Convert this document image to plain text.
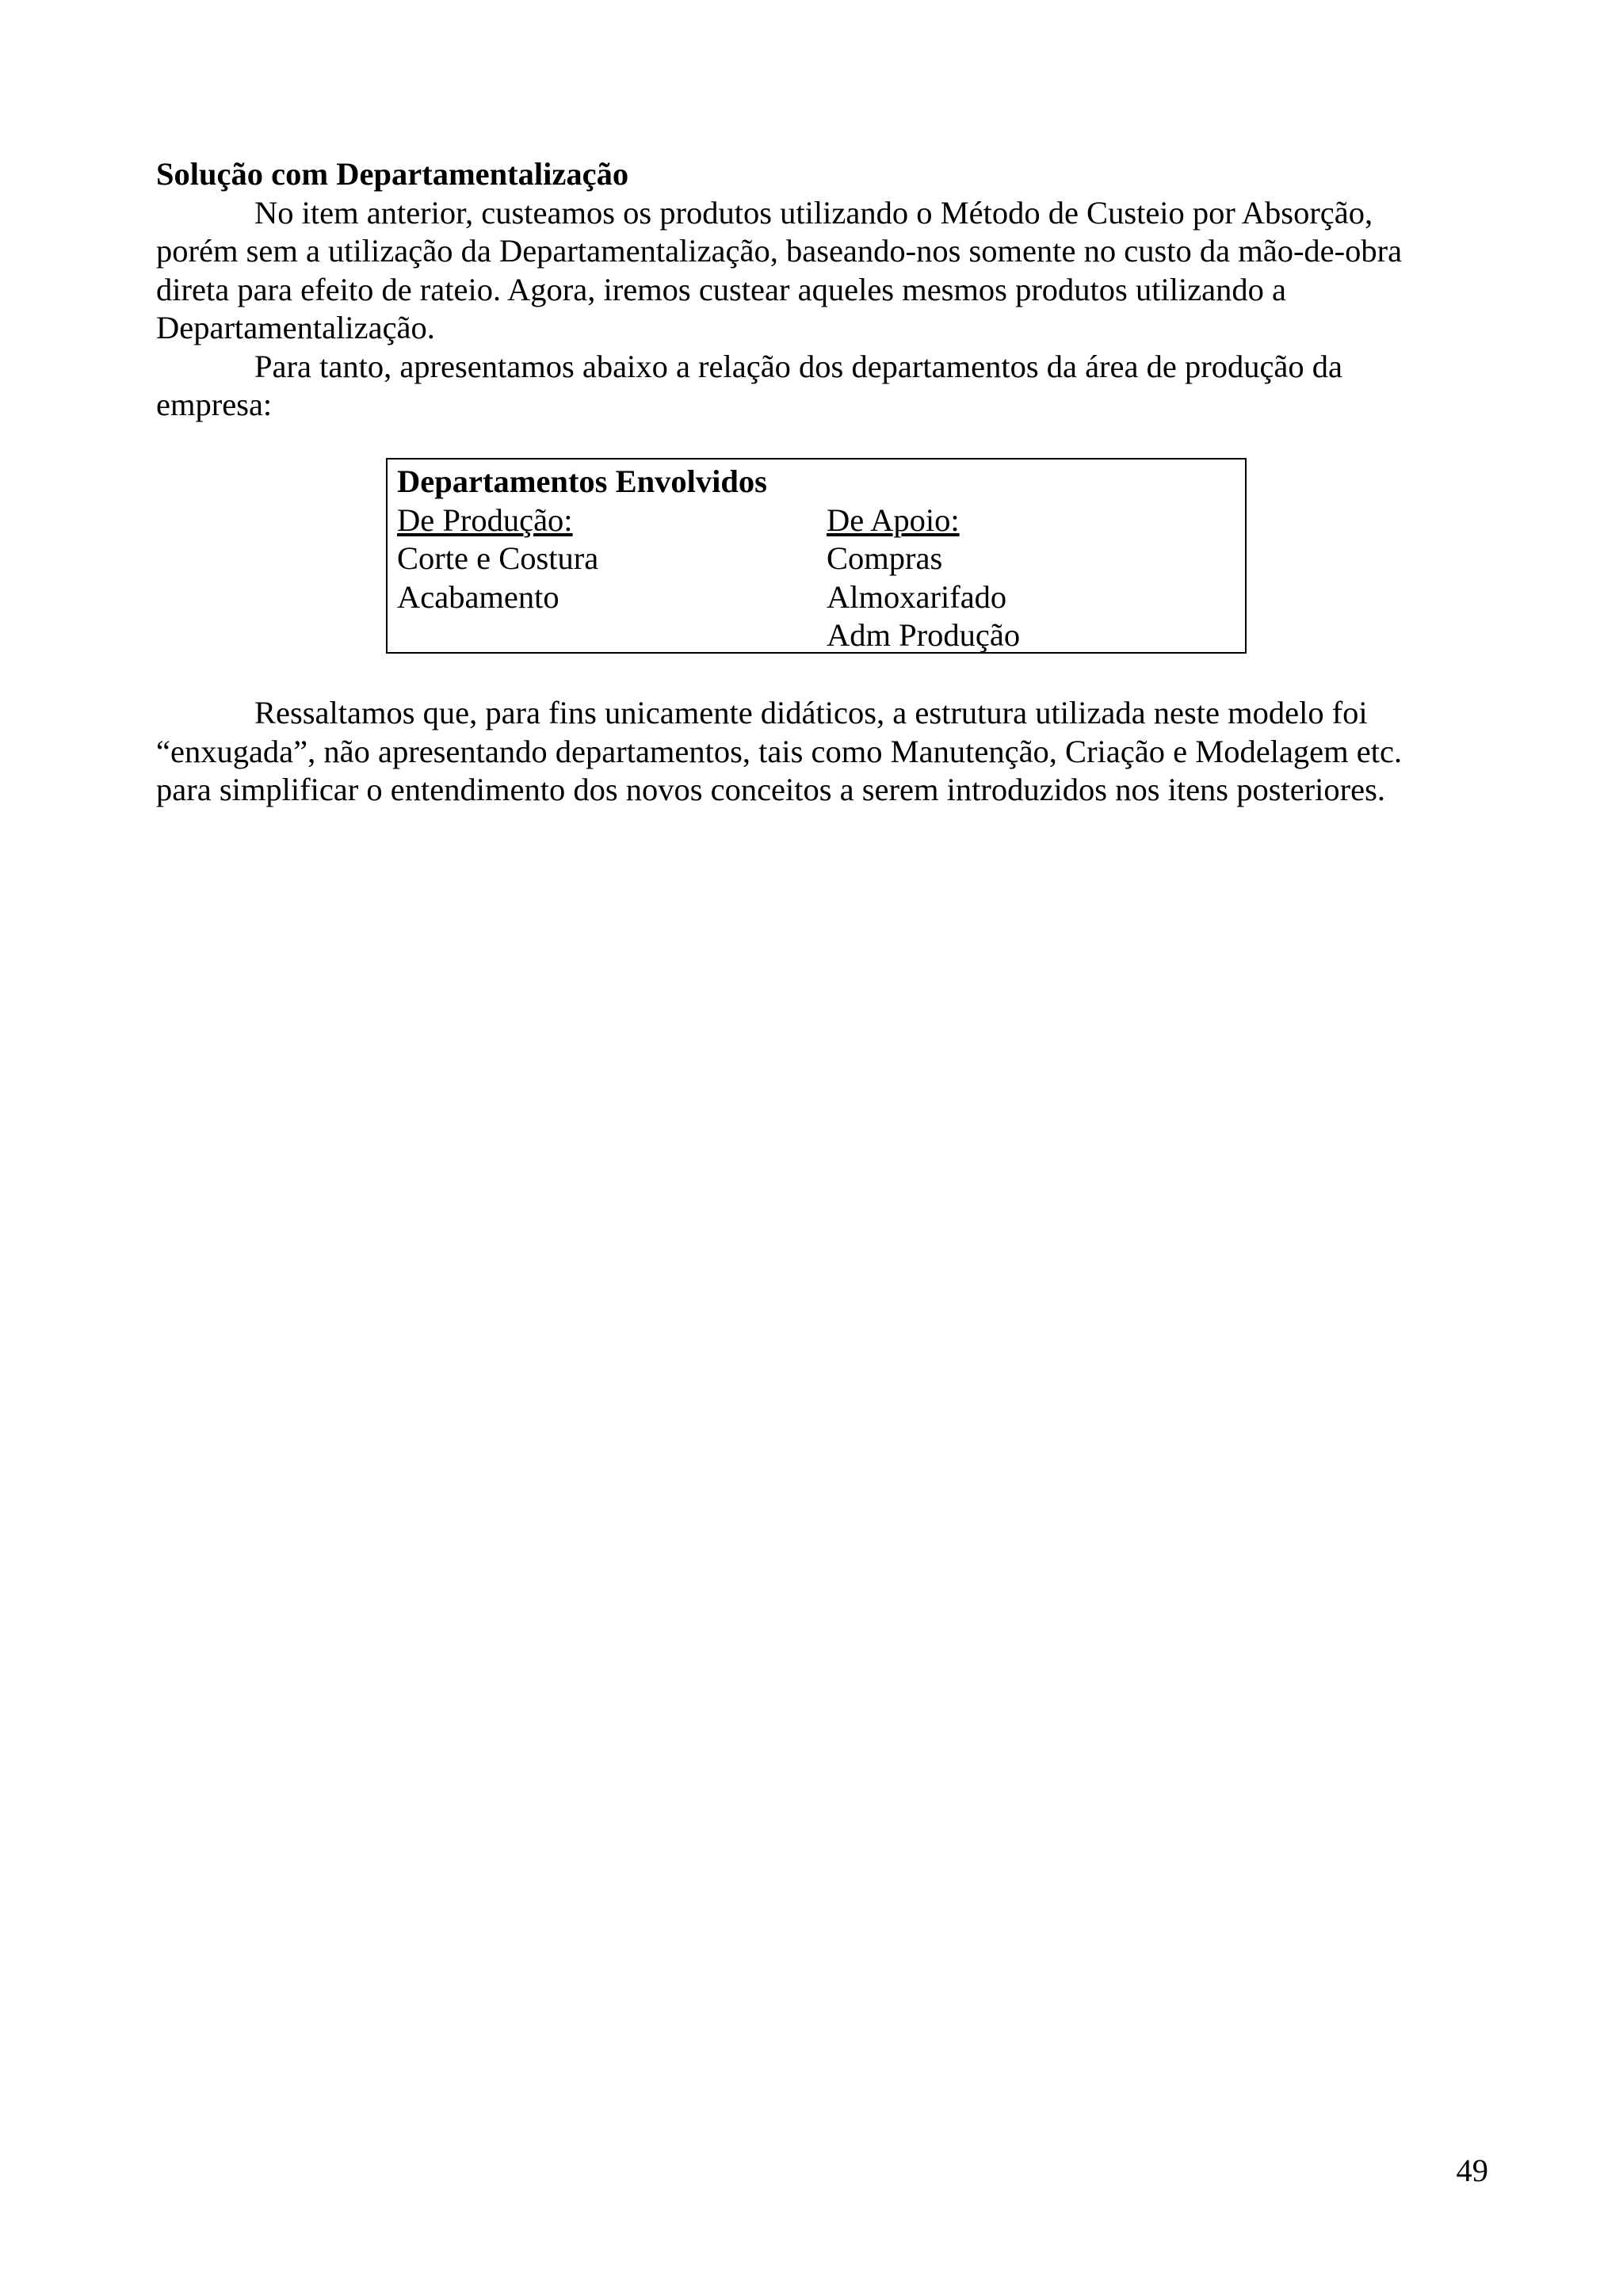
Solução com Departamentalização
No item anterior, custeamos os produtos utilizando o Método de Custeio por Absorção,
porém sem a utilização da Departamentalização, baseando-nos somente no custo da mão-de-obra
direta para efeito de rateio. Agora, iremos custear aqueles mesmos produtos utilizando a
Departamentalização.
Para tanto, apresentamos abaixo a relação dos departamentos da área de produção da
empresa:
Departamentos Envolvidos
De Produção:
Corte e Costura
Acabamento
De Apoio:
Compras
Almoxarifado
Adm Produção
Ressaltamos que, para fins unicamente didáticos, a estrutura utilizada neste modelo foi
“enxugada”, não apresentando departamentos, tais como Manutenção, Criação e Modelagem etc.
para simplificar o entendimento dos novos conceitos a serem introduzidos nos itens posteriores.
49
